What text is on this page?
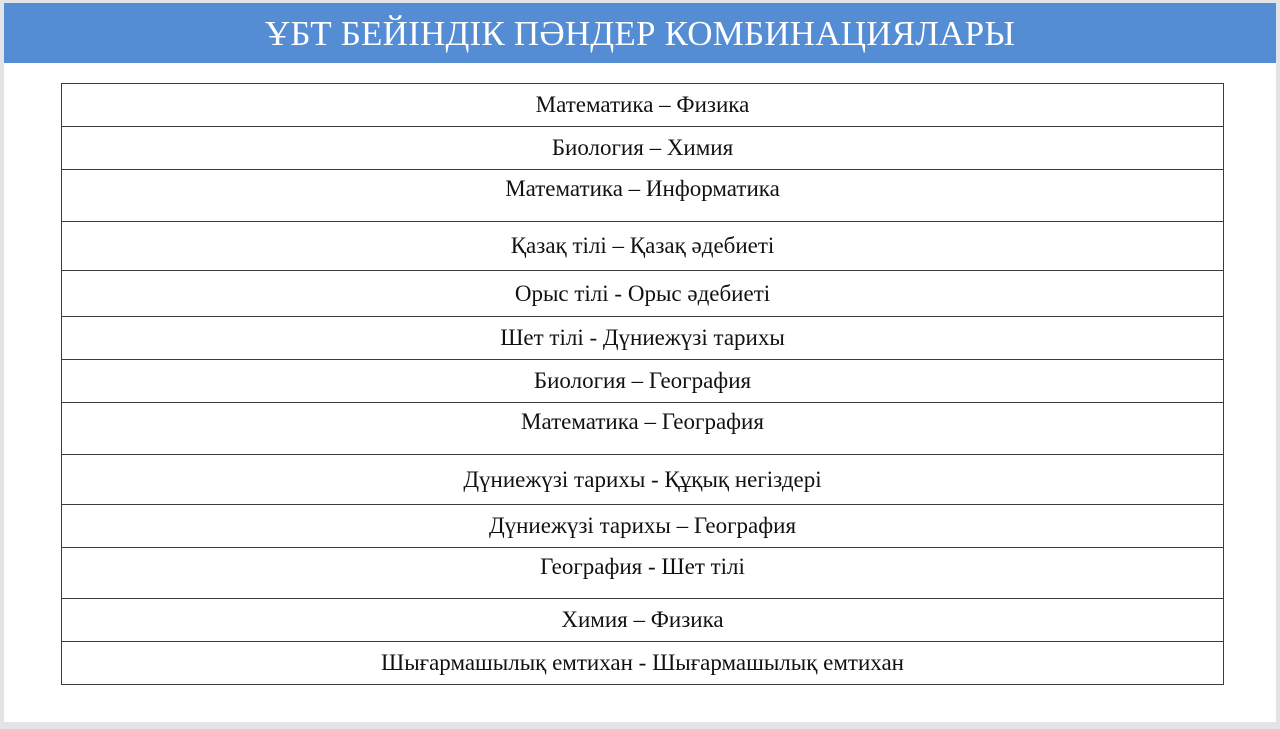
ҰБТ БЕЙІНДІК ПӘНДЕР КОМБИНАЦИЯЛАРЫ
Математика – Физика

Биология – Химия

Математика – Информатика

Қазақ тілі – Қазақ әдебиеті

Орыс тілі - Орыс әдебиеті

Шет тілі - Дүниежүзі тарихы

Биология – География

Математика – География

Дүниежүзі тарихы - Құқық негіздері

Дүниежүзі тарихы – География

География - Шет тілі

Химия – Физика

Шығармашылық емтихан - Шығармашылық емтихан
